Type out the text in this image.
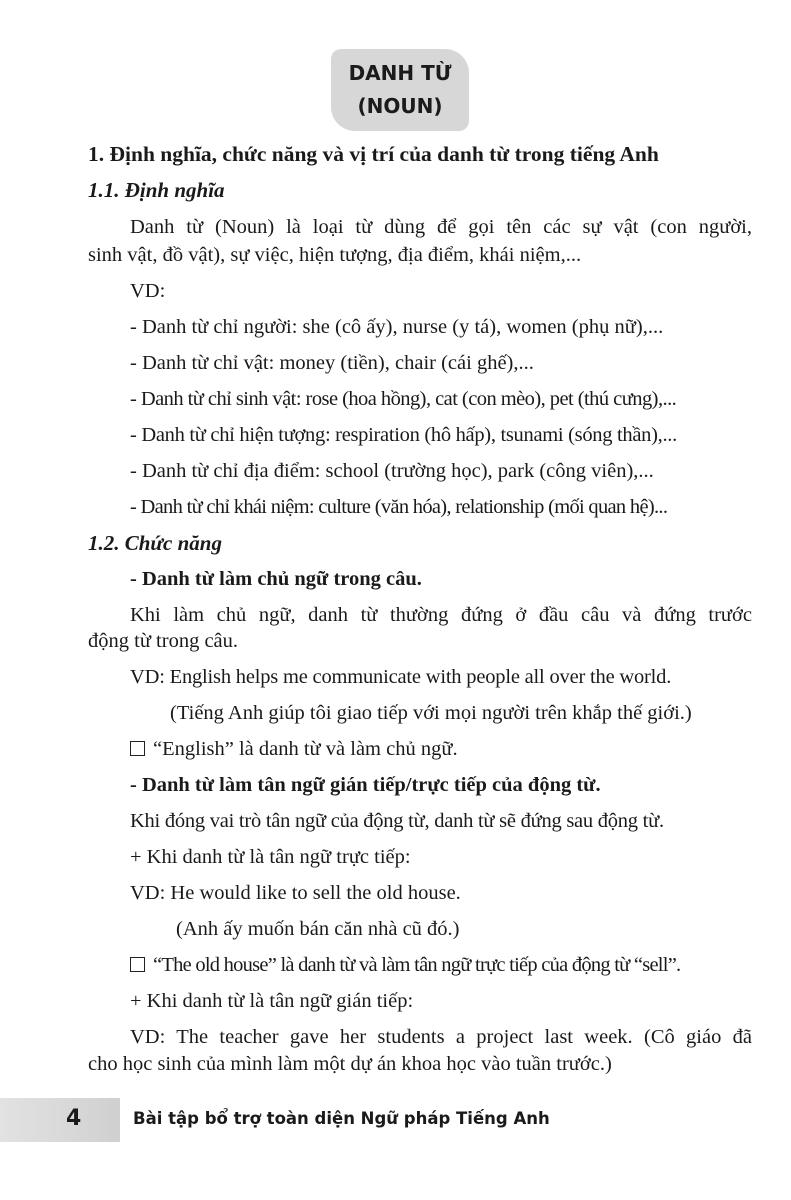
DANH TỪ
(NOUN)
1. Định nghĩa, chức năng và vị trí của danh từ trong tiếng Anh
1.1. Định nghĩa
Danh từ (Noun) là loại từ dùng để gọi tên các sự vật (con người,
sinh vật, đồ vật), sự việc, hiện tượng, địa điểm, khái niệm,...
VD:
- Danh từ chỉ người: she (cô ấy), nurse (y tá), women (phụ nữ),...
- Danh từ chỉ vật: money (tiền), chair (cái ghế),...
- Danh từ chỉ sinh vật: rose (hoa hồng), cat (con mèo), pet (thú cưng),...
- Danh từ chỉ hiện tượng: respiration (hô hấp), tsunami (sóng thần),...
- Danh từ chỉ địa điểm: school (trường học), park (công viên),...
- Danh từ chỉ khái niệm: culture (văn hóa), relationship (mối quan hệ)...
1.2. Chức năng
- Danh từ làm chủ ngữ trong câu.
Khi làm chủ ngữ, danh từ thường đứng ở đầu câu và đứng trước
động từ trong câu.
VD: English helps me communicate with people all over the world.
(Tiếng Anh giúp tôi giao tiếp với mọi người trên khắp thế giới.)
“English” là danh từ và làm chủ ngữ.
- Danh từ làm tân ngữ gián tiếp/trực tiếp của động từ.
Khi đóng vai trò tân ngữ của động từ, danh từ sẽ đứng sau động từ.
+ Khi danh từ là tân ngữ trực tiếp:
VD: He would like to sell the old house.
(Anh ấy muốn bán căn nhà cũ đó.)
“The old house” là danh từ và làm tân ngữ trực tiếp của động từ “sell”.
+ Khi danh từ là tân ngữ gián tiếp:
VD: The teacher gave her students a project last week. (Cô giáo đã
cho học sinh của mình làm một dự án khoa học vào tuần trước.)
4	Bài tập bổ trợ toàn diện Ngữ pháp Tiếng Anh
